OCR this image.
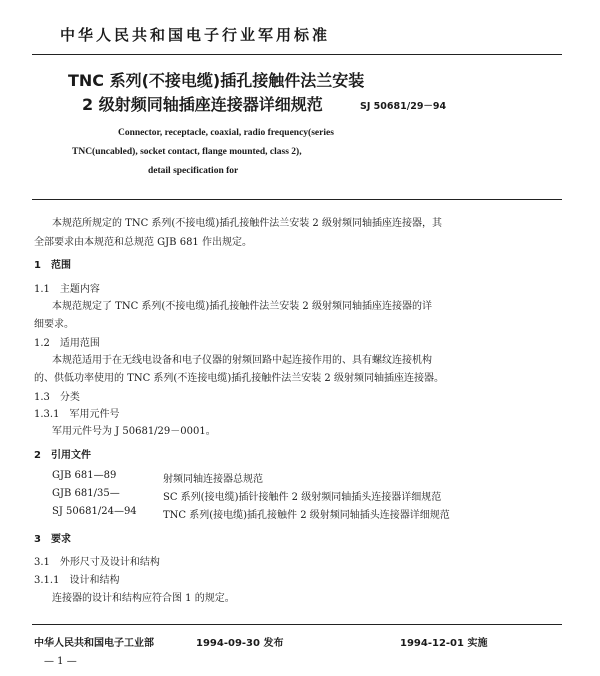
中华人民共和国电子行业军用标准
TNC 系列(不接电缆)插孔接触件法兰安装
2 级射频同轴插座连接器详细规范	SJ 50681/29－94
Connector, receptacle, coaxial, radio frequency(series
TNC(uncabled), socket contact, flange mounted, class 2),
detail specification for
本规范所规定的 TNC 系列(不接电缆)插孔接触件法兰安装 2 级射频同轴插座连接器，其
全部要求由本规范和总规范 GJB 681 作出规定。
1　范围
1.1　主题内容
本规范规定了 TNC 系列(不接电缆)插孔接触件法兰安装 2 级射频同轴插座连接器的详
细要求。
1.2　适用范围
本规范适用于在无线电设备和电子仪器的射频回路中起连接作用的、具有螺纹连接机构
的、供低功率使用的 TNC 系列(不连接电缆)插孔接触件法兰安装 2 级射频同轴插座连接器。
1.3　分类
1.3.1　军用元件号
军用元件号为 J 50681/29－0001。
2　引用文件
GJB 681—89	射频同轴连接器总规范
GJB 681/35—	SC 系列(接电缆)插针接触件 2 级射频同轴插头连接器详细规范
SJ 50681/24—94	TNC 系列(接电缆)插孔接触件 2 级射频同轴插头连接器详细规范
3　要求
3.1　外形尺寸及设计和结构
3.1.1　设计和结构
连接器的设计和结构应符合图 1 的规定。
中华人民共和国电子工业部	1994-09-30 发布	1994-12-01 实施
— 1 —
